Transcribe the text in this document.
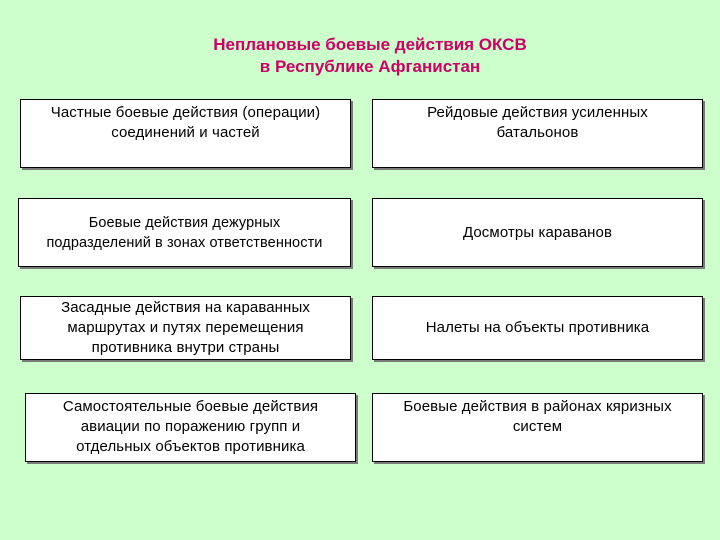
Неплановые боевые действия ОКСВ
в Республике Афганистан
Частные боевые действия (операции)
соединений и частей
Рейдовые действия усиленных
батальонов
Боевые действия дежурных
подразделений в зонах ответственности
Досмотры караванов
Засадные действия на караванных
маршрутах и путях перемещения
противника внутри страны
Налеты на объекты противника
Самостоятельные боевые действия
авиации по поражению групп и
отдельных объектов противника
Боевые действия в районах кяризных
систем
